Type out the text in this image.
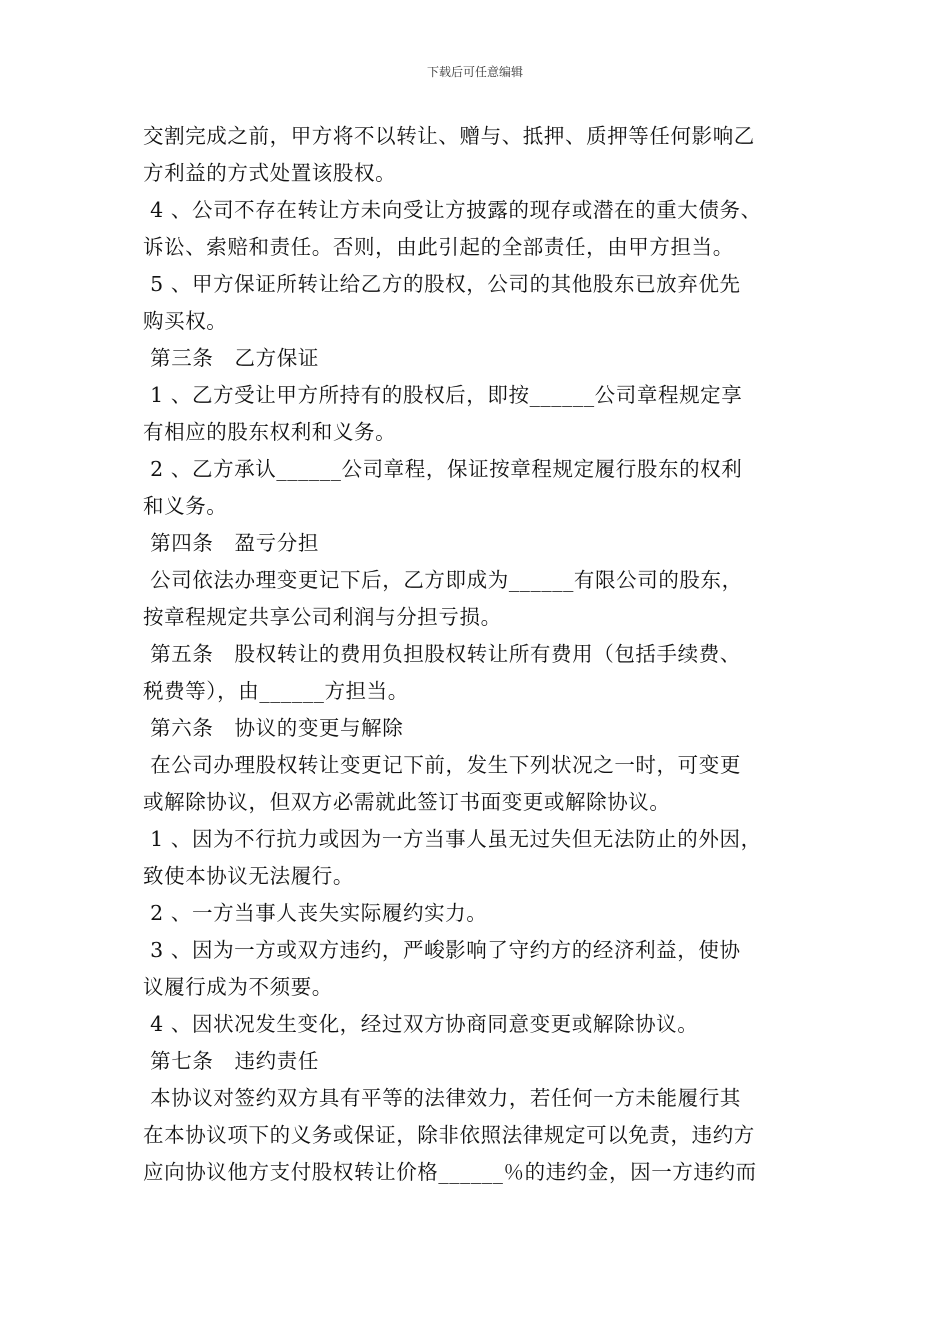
下载后可任意编辑
交割完成之前，甲方将不以转让、赠与、抵押、质押等任何影响乙
方利益的方式处置该股权。
4 、公司不存在转让方未向受让方披露的现存或潜在的重大债务、
诉讼、索赔和责任。否则，由此引起的全部责任，由甲方担当。
5 、甲方保证所转让给乙方的股权，公司的其他股东已放弃优先
购买权。
第三条　乙方保证
1 、乙方受让甲方所持有的股权后，即按______公司章程规定享
有相应的股东权利和义务。
2 、乙方承认______公司章程，保证按章程规定履行股东的权利
和义务。
第四条　盈亏分担
公司依法办理变更记下后，乙方即成为______有限公司的股东，
按章程规定共享公司利润与分担亏损。
第五条　股权转让的费用负担股权转让所有费用（包括手续费、
税费等），由______方担当。
第六条　协议的变更与解除
在公司办理股权转让变更记下前，发生下列状况之一时，可变更
或解除协议，但双方必需就此签订书面变更或解除协议。
1 、因为不行抗力或因为一方当事人虽无过失但无法防止的外因，
致使本协议无法履行。
2 、一方当事人丧失实际履约实力。
3 、因为一方或双方违约，严峻影响了守约方的经济利益，使协
议履行成为不须要。
4 、因状况发生变化，经过双方协商同意变更或解除协议。
第七条　违约责任
本协议对签约双方具有平等的法律效力，若任何一方未能履行其
在本协议项下的义务或保证，除非依照法律规定可以免责，违约方
应向协议他方支付股权转让价格______％的违约金，因一方违约而
